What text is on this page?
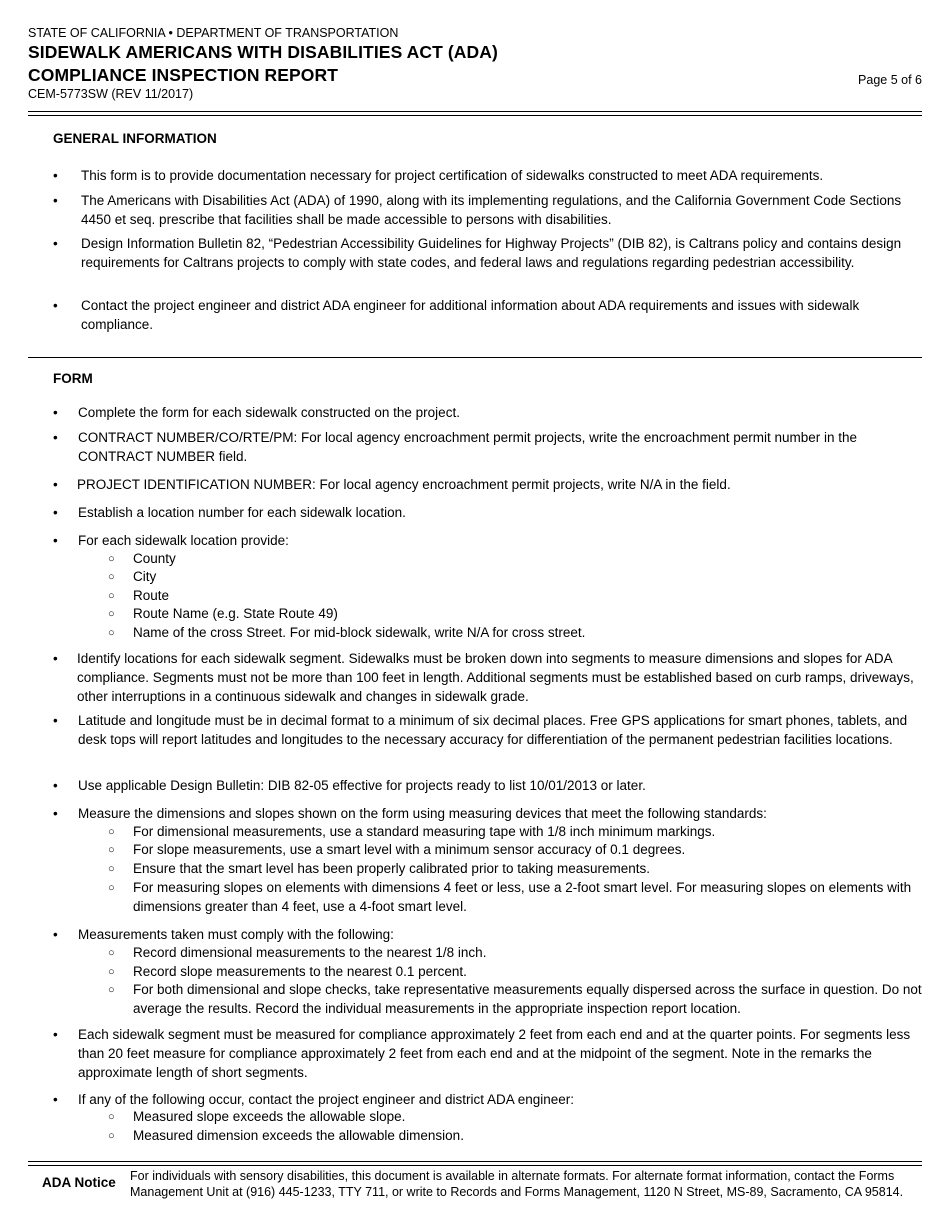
STATE OF CALIFORNIA • DEPARTMENT OF TRANSPORTATION
SIDEWALK AMERICANS WITH DISABILITIES ACT (ADA)
COMPLIANCE INSPECTION REPORT
CEM-5773SW (REV 11/2017)
Page 5 of 6
GENERAL INFORMATION
• This form is to provide documentation necessary for project certification of sidewalks constructed to meet ADA requirements.
• The Americans with Disabilities Act (ADA) of 1990, along with its implementing regulations, and the California Government Code Sections 4450 et seq. prescribe that facilities shall be made accessible to persons with disabilities.
• Design Information Bulletin 82, “Pedestrian Accessibility Guidelines for Highway Projects” (DIB 82), is Caltrans policy and contains design requirements for Caltrans projects to comply with state codes, and federal laws and regulations regarding pedestrian accessibility.
• Contact the project engineer and district ADA engineer for additional information about ADA requirements and issues with sidewalk compliance.
FORM
• Complete the form for each sidewalk constructed on the project.
• CONTRACT NUMBER/CO/RTE/PM: For local agency encroachment permit projects, write the encroachment permit number in the CONTRACT NUMBER field.
• PROJECT IDENTIFICATION NUMBER: For local agency encroachment permit projects, write N/A in the field.
• Establish a location number for each sidewalk location.
• For each sidewalk location provide:
○ County
○ City
○ Route
○ Route Name (e.g. State Route 49)
○ Name of the cross Street. For mid-block sidewalk, write N/A for cross street.
• Identify locations for each sidewalk segment. Sidewalks must be broken down into segments to measure dimensions and slopes for ADA compliance. Segments must not be more than 100 feet in length. Additional segments must be established based on curb ramps, driveways, other interruptions in a continuous sidewalk and changes in sidewalk grade.
• Latitude and longitude must be in decimal format to a minimum of six decimal places. Free GPS applications for smart phones, tablets, and desk tops will report latitudes and longitudes to the necessary accuracy for differentiation of the permanent pedestrian facilities locations.
• Use applicable Design Bulletin: DIB 82-05 effective for projects ready to list 10/01/2013 or later.
• Measure the dimensions and slopes shown on the form using measuring devices that meet the following standards:
○ For dimensional measurements, use a standard measuring tape with 1/8 inch minimum markings.
○ For slope measurements, use a smart level with a minimum sensor accuracy of 0.1 degrees.
○ Ensure that the smart level has been properly calibrated prior to taking measurements.
○ For measuring slopes on elements with dimensions 4 feet or less, use a 2-foot smart level. For measuring slopes on elements with dimensions greater than 4 feet, use a 4-foot smart level.
• Measurements taken must comply with the following:
○ Record dimensional measurements to the nearest 1/8 inch.
○ Record slope measurements to the nearest 0.1 percent.
○ For both dimensional and slope checks, take representative measurements equally dispersed across the surface in question. Do not average the results. Record the individual measurements in the appropriate inspection report location.
• Each sidewalk segment must be measured for compliance approximately 2 feet from each end and at the quarter points. For segments less than 20 feet measure for compliance approximately 2 feet from each end and at the midpoint of the segment. Note in the remarks the approximate length of short segments.
• If any of the following occur, contact the project engineer and district ADA engineer:
○ Measured slope exceeds the allowable slope.
○ Measured dimension exceeds the allowable dimension.
ADA Notice For individuals with sensory disabilities, this document is available in alternate formats. For alternate format information, contact the Forms Management Unit at (916) 445-1233, TTY 711, or write to Records and Forms Management, 1120 N Street, MS-89, Sacramento, CA 95814.
